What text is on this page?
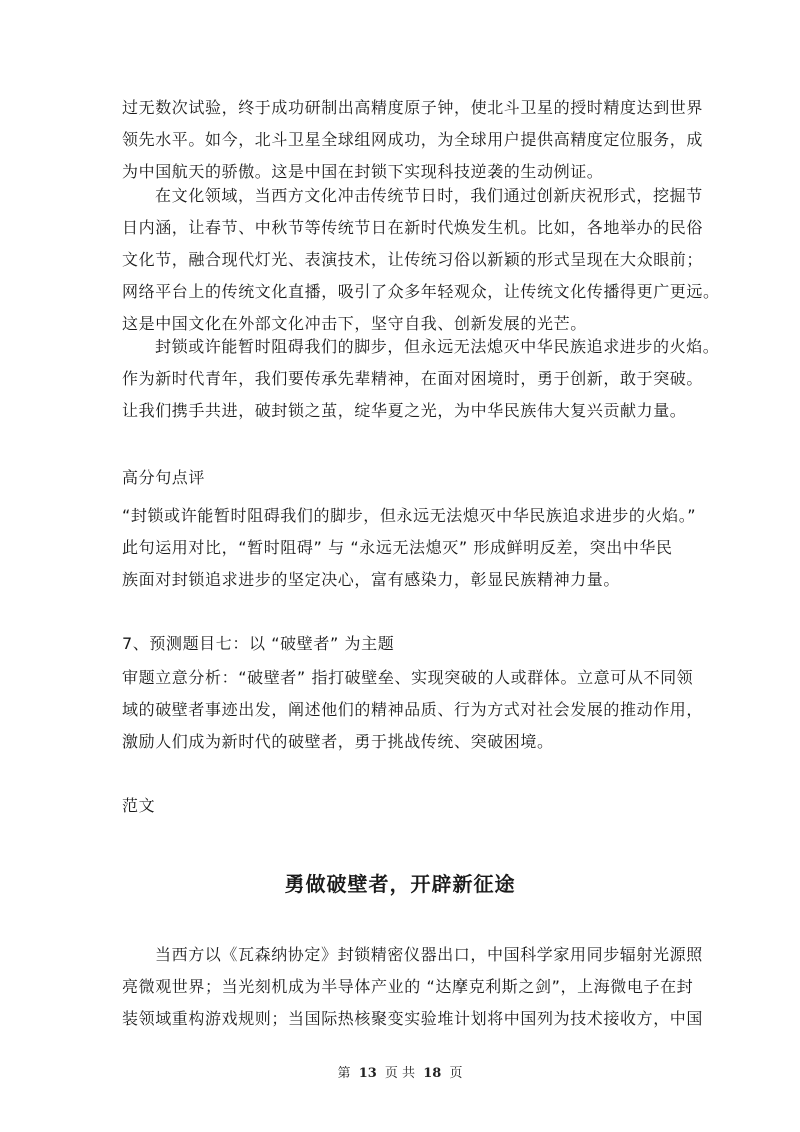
过无数次试验，终于成功研制出高精度原子钟，使北斗卫星的授时精度达到世界
领先水平。如今，北斗卫星全球组网成功，为全球用户提供高精度定位服务，成
为中国航天的骄傲。这是中国在封锁下实现科技逆袭的生动例证。
在文化领域，当西方文化冲击传统节日时，我们通过创新庆祝形式，挖掘节
日内涵，让春节、中秋节等传统节日在新时代焕发生机。比如，各地举办的民俗
文化节，融合现代灯光、表演技术，让传统习俗以新颖的形式呈现在大众眼前；
网络平台上的传统文化直播，吸引了众多年轻观众，让传统文化传播得更广更远。
这是中国文化在外部文化冲击下，坚守自我、创新发展的光芒。
封锁或许能暂时阻碍我们的脚步，但永远无法熄灭中华民族追求进步的火焰。
作为新时代青年，我们要传承先辈精神，在面对困境时，勇于创新，敢于突破。
让我们携手共进，破封锁之茧，绽华夏之光，为中华民族伟大复兴贡献力量。
高分句点评
“封锁或许能暂时阻碍我们的脚步，但永远无法熄灭中华民族追求进步的火焰。”
此句运用对比，“暂时阻碍” 与 “永远无法熄灭” 形成鲜明反差，突出中华民
族面对封锁追求进步的坚定决心，富有感染力，彰显民族精神力量。
7、预测题目七：以 “破壁者” 为主题
审题立意分析：“破壁者” 指打破壁垒、实现突破的人或群体。立意可从不同领
域的破壁者事迹出发，阐述他们的精神品质、行为方式对社会发展的推动作用，
激励人们成为新时代的破壁者，勇于挑战传统、突破困境。
范文
勇做破壁者，开辟新征途
当西方以《瓦森纳协定》封锁精密仪器出口，中国科学家用同步辐射光源照
亮微观世界；当光刻机成为半导体产业的 “达摩克利斯之剑”，上海微电子在封
装领域重构游戏规则；当国际热核聚变实验堆计划将中国列为技术接收方，中国
第 13 页 共 18 页
